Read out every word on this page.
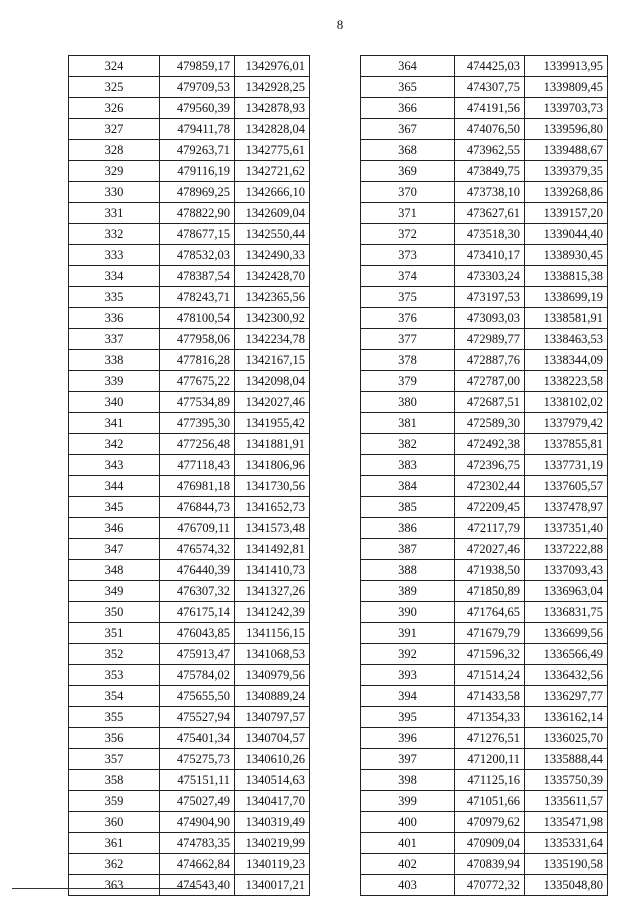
8
324	479859,17	1342976,01
325	479709,53	1342928,25
326	479560,39	1342878,93
327	479411,78	1342828,04
328	479263,71	1342775,61
329	479116,19	1342721,62
330	478969,25	1342666,10
331	478822,90	1342609,04
332	478677,15	1342550,44
333	478532,03	1342490,33
334	478387,54	1342428,70
335	478243,71	1342365,56
336	478100,54	1342300,92
337	477958,06	1342234,78
338	477816,28	1342167,15
339	477675,22	1342098,04
340	477534,89	1342027,46
341	477395,30	1341955,42
342	477256,48	1341881,91
343	477118,43	1341806,96
344	476981,18	1341730,56
345	476844,73	1341652,73
346	476709,11	1341573,48
347	476574,32	1341492,81
348	476440,39	1341410,73
349	476307,32	1341327,26
350	476175,14	1341242,39
351	476043,85	1341156,15
352	475913,47	1341068,53
353	475784,02	1340979,56
354	475655,50	1340889,24
355	475527,94	1340797,57
356	475401,34	1340704,57
357	475275,73	1340610,26
358	475151,11	1340514,63
359	475027,49	1340417,70
360	474904,90	1340319,49
361	474783,35	1340219,99
362	474662,84	1340119,23
363	474543,40	1340017,21
364	474425,03	1339913,95
365	474307,75	1339809,45
366	474191,56	1339703,73
367	474076,50	1339596,80
368	473962,55	1339488,67
369	473849,75	1339379,35
370	473738,10	1339268,86
371	473627,61	1339157,20
372	473518,30	1339044,40
373	473410,17	1338930,45
374	473303,24	1338815,38
375	473197,53	1338699,19
376	473093,03	1338581,91
377	472989,77	1338463,53
378	472887,76	1338344,09
379	472787,00	1338223,58
380	472687,51	1338102,02
381	472589,30	1337979,42
382	472492,38	1337855,81
383	472396,75	1337731,19
384	472302,44	1337605,57
385	472209,45	1337478,97
386	472117,79	1337351,40
387	472027,46	1337222,88
388	471938,50	1337093,43
389	471850,89	1336963,04
390	471764,65	1336831,75
391	471679,79	1336699,56
392	471596,32	1336566,49
393	471514,24	1336432,56
394	471433,58	1336297,77
395	471354,33	1336162,14
396	471276,51	1336025,70
397	471200,11	1335888,44
398	471125,16	1335750,39
399	471051,66	1335611,57
400	470979,62	1335471,98
401	470909,04	1335331,64
402	470839,94	1335190,58
403	470772,32	1335048,80
